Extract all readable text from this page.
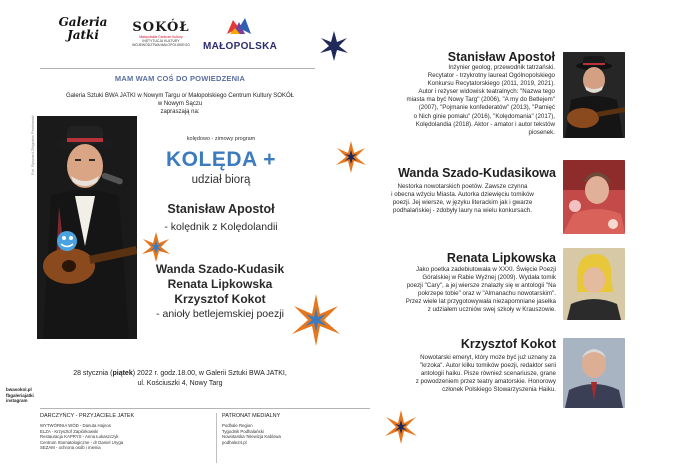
Galeria
Jatki	SOKÓŁ
Małopolskie Centrum Kultury
INSTYTUCJA KULTURY
WOJEWÓDZTWA MAŁOPOLSKIEGO	MAŁOPOLSKA
MAM WAM COŚ DO POWIEDZENIA
Galeria Sztuki BWA JATKI w Nowym Targu o/ Małopolskiego Centrum Kultury SOKÓŁ
w Nowym Sączu
zapraszają na:
Fot. Ryszard Zbigniew Pewłowski	kolędowo - zimowy program
KOLĘDA +
udział biorą
Stanisław Apostoł
- kolędnik z Kolędolandii
Wanda Szado-Kudasik
Renata Lipkowska
Krzysztof Kokot
- anioły betlejemskiej poezji
28 stycznia (piątek) 2022 r. godz.18.00, w Galerii Sztuki BWA JATKI,
ul. Kościuszki 4, Nowy Targ
bwasokol.pl
fbgaleriajatki
instagram
DARCZYŃCY - PRZYJACIELE JATEK
WYTWÓRNIA WÓD - Danuta Hajnos
ELZA - Krzysztof Zapiórkowski
Restauracja KAPRYS - Anna Łukaszczyk
Centrum Stomatologiczne - dr Daniel Uryga
SEZAM - ochrona osób i mienia
PATRONAT MEDIALNY
Podhale Region
Tygodnik Podhalański
Nowotarska Telewizja Kablowa
podhale24.pl
Stanisław Apostoł
Inżynier geolog, przewodnik tatrzański.
Recytator - trzykrotny laureat Ogólnopolskiego
Konkursu Recytatorskiego (2011, 2019, 2021).
Autor i reżyser widowisk teatralnych: "Nazwa tego
miasta ma być Nowy Targ" (2006), "A my do Betlejem"
(2007), "Pojmanie konfederatów" (2013), "Pamięć
o Nich ginie pomału" (2016), "Kolędomania" (2017),
Kolędolandia (2018). Aktor - amator i autor tekstów
piosenek.
Wanda Szado-Kudasikowa
Nestorka nowotarskich poetów. Zawsze czynna
i obecna wżyciu Miasta. Autorka dziewięciu tomików
poezji. Jej wiersze, w języku literackim jak i gwarze
podhalańskiej - zdobyły laury na wielu konkursach.
Renata Lipkowska
Jako poetka zadebiutowała w XXXI. Święcie Poezji
Góralskiej w Rabie Wyżnej (2009). Wydała tomik
poezji "Cary", a jej wiersze znalazły się w antologii "Na
pokrzepe tobie" oraz w "Almanachu nowotarskim".
Przez wiele lat przygotowywała niezapomniane jasełka
z udziałem uczniów swej szkoły w Krauszowie.
Krzysztof Kokot
Nowotarski emeryt, który może być już uznany za
"krzoka". Autor kilku tomików poezji, redaktor serii
antologii haiku. Pisze również scenariusze, grane
z powodzeniem przez teatry amatorskie. Honorowy
członek Polskiego Stowarzyszenia Haiku.
